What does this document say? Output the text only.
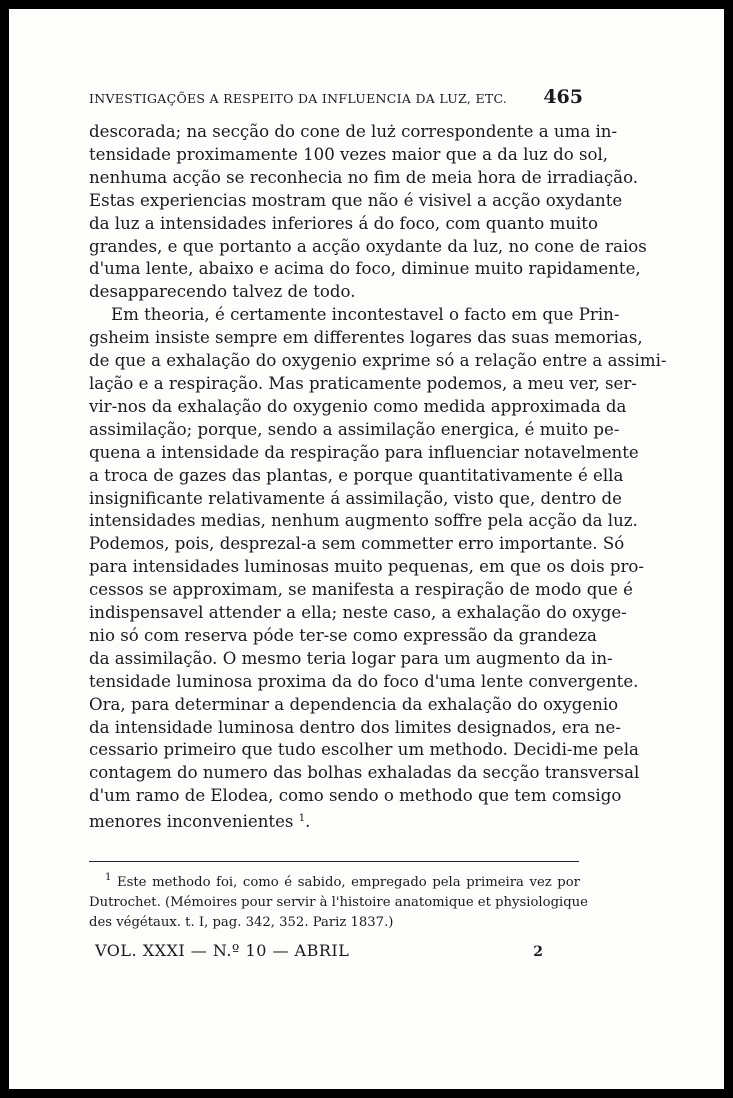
INVESTIGAÇÕES A RESPEITO DA INFLUENCIA DA LUZ, ETC. 465
descorada; na secção do cone de luż correspondente a uma in-
tensidade proximamente 100 vezes maior que a da luz do sol,
nenhuma acção se reconhecia no fim de meia hora de irradiação.
Estas experiencias mostram que não é visivel a acção oxydante
da luz a intensidades inferiores á do foco, com quanto muito
grandes, e que portanto a acção oxydante da luz, no cone de raios
d'uma lente, abaixo e acima do foco, diminue muito rapidamente,
desapparecendo talvez de todo.
Em theoria, é certamente incontestavel o facto em que Prin-
gsheim insiste sempre em differentes logares das suas memorias,
de que a exhalação do oxygenio exprime só a relação entre a assimi-
lação e a respiração. Mas praticamente podemos, a meu ver, ser-
vir-nos da exhalação do oxygenio como medida approximada da
assimilação; porque, sendo a assimilação energica, é muito pe-
quena a intensidade da respiração para influenciar notavelmente
a troca de gazes das plantas, e porque quantitativamente é ella
insignificante relativamente á assimilação, visto que, dentro de
intensidades medias, nenhum augmento soffre pela acção da luz.
Podemos, pois, desprezal-a sem commetter erro importante. Só
para intensidades luminosas muito pequenas, em que os dois pro-
cessos se approximam, se manifesta a respiração de modo que é
indispensavel attender a ella; neste caso, a exhalação do oxyge-
nio só com reserva póde ter-se como expressão da grandeza
da assimilação. O mesmo teria logar para um augmento da in-
tensidade luminosa proxima da do foco d'uma lente convergente.
Ora, para determinar a dependencia da exhalação do oxygenio
da intensidade luminosa dentro dos limites designados, era ne-
cessario primeiro que tudo escolher um methodo. Decidi-me pela
contagem do numero das bolhas exhaladas da secção transversal
d'um ramo de Elodea, como sendo o methodo que tem comsigo
menores inconvenientes $^1$.
$^1$ Este methodo foi, como é sabido, empregado pela primeira vez por
Dutrochet. (Mémoires pour servir à l'histoire anatomique et physiologique
des végétaux. t. I, pag. 342, 352. Pariz 1837.)
VOL. XXXI — N.º 10 — ABRIL	2
